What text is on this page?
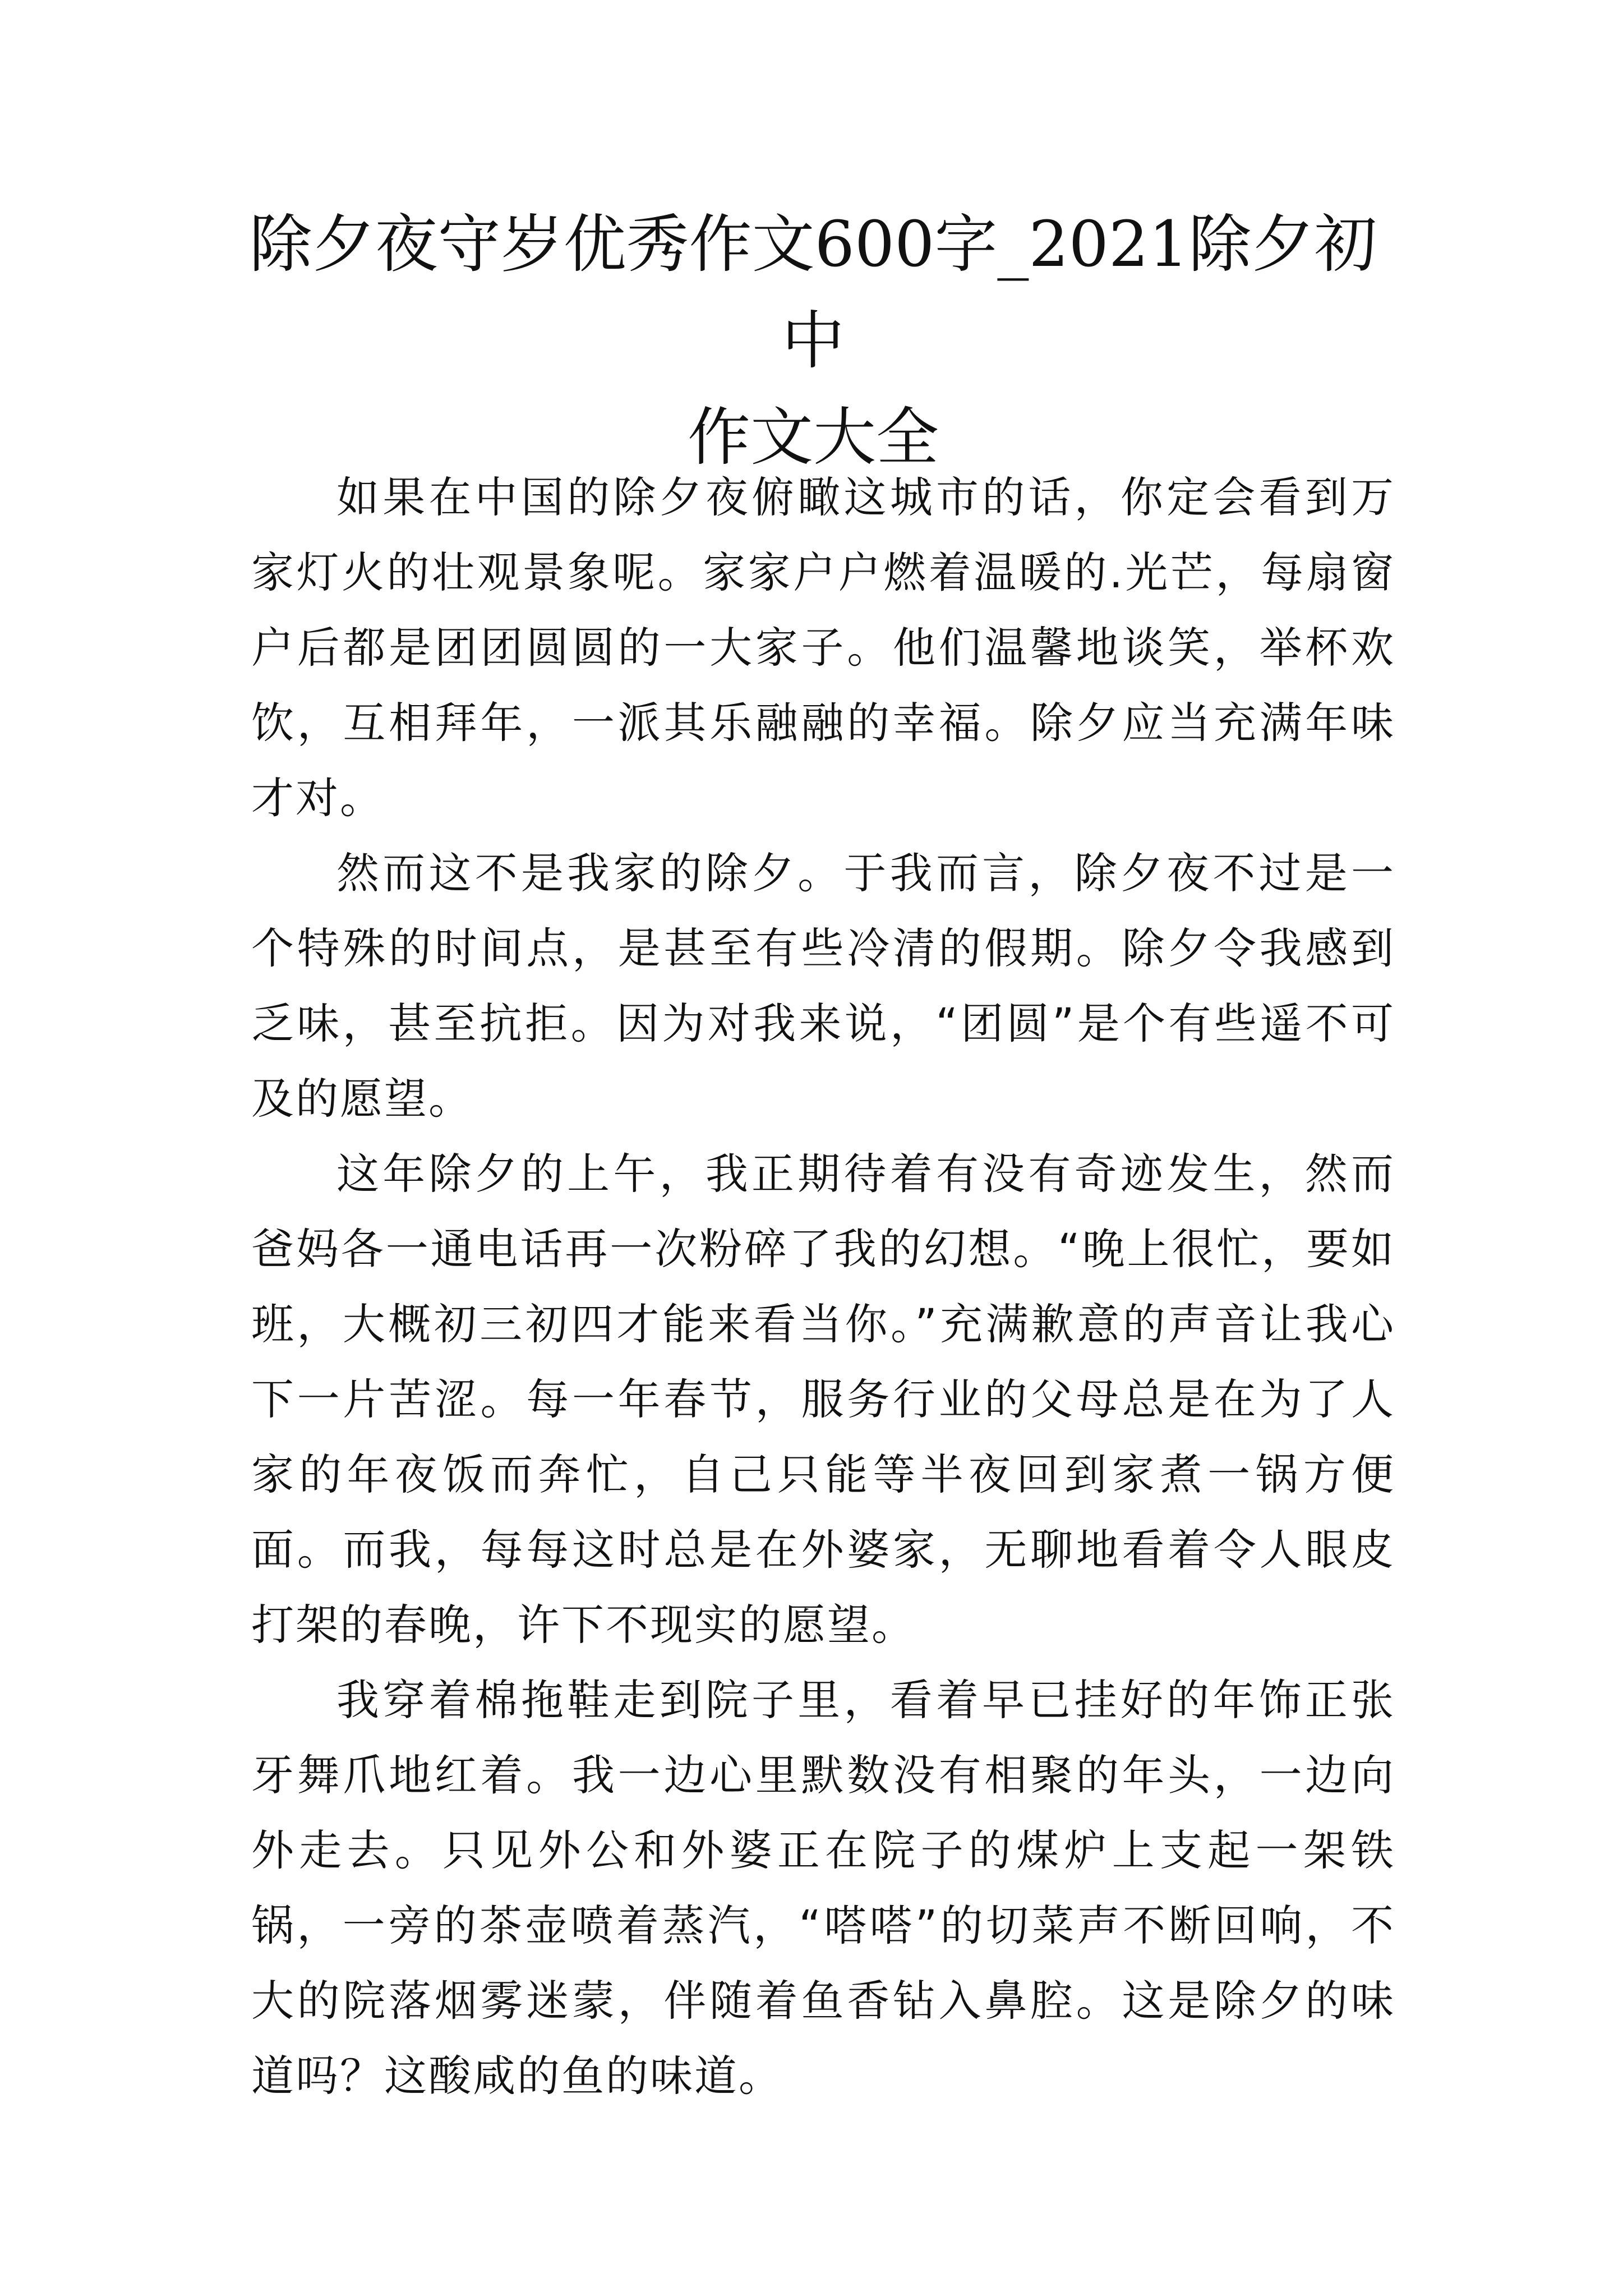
除夕夜守岁优秀作文600字_2021除夕初中
作文大全

如果在中国的除夕夜俯瞰这城市的话，你定会看到万家灯火的壮观景象呢。家家户户燃着温暖的.光芒，每扇窗户后都是团团圆圆的一大家子。他们温馨地谈笑，举杯欢饮，互相拜年，一派其乐融融的幸福。除夕应当充满年味才对。

然而这不是我家的除夕。于我而言，除夕夜不过是一个特殊的时间点，是甚至有些冷清的假期。除夕令我感到乏味，甚至抗拒。因为对我来说，“团圆”是个有些遥不可及的愿望。

这年除夕的上午，我正期待着有没有奇迹发生，然而爸妈各一通电话再一次粉碎了我的幻想。“晚上很忙，要如班，大概初三初四才能来看当你。”充满歉意的声音让我心下一片苦涩。每一年春节，服务行业的父母总是在为了人家的年夜饭而奔忙，自己只能等半夜回到家煮一锅方便面。而我，每每这时总是在外婆家，无聊地看着令人眼皮打架的春晚，许下不现实的愿望。

我穿着棉拖鞋走到院子里，看着早已挂好的年饰正张牙舞爪地红着。我一边心里默数没有相聚的年头，一边向外走去。只见外公和外婆正在院子的煤炉上支起一架铁锅，一旁的茶壶喷着蒸汽，“嗒嗒”的切菜声不断回响，不大的院落烟雾迷蒙，伴随着鱼香钻入鼻腔。这是除夕的味道吗？这酸咸的鱼的味道。
